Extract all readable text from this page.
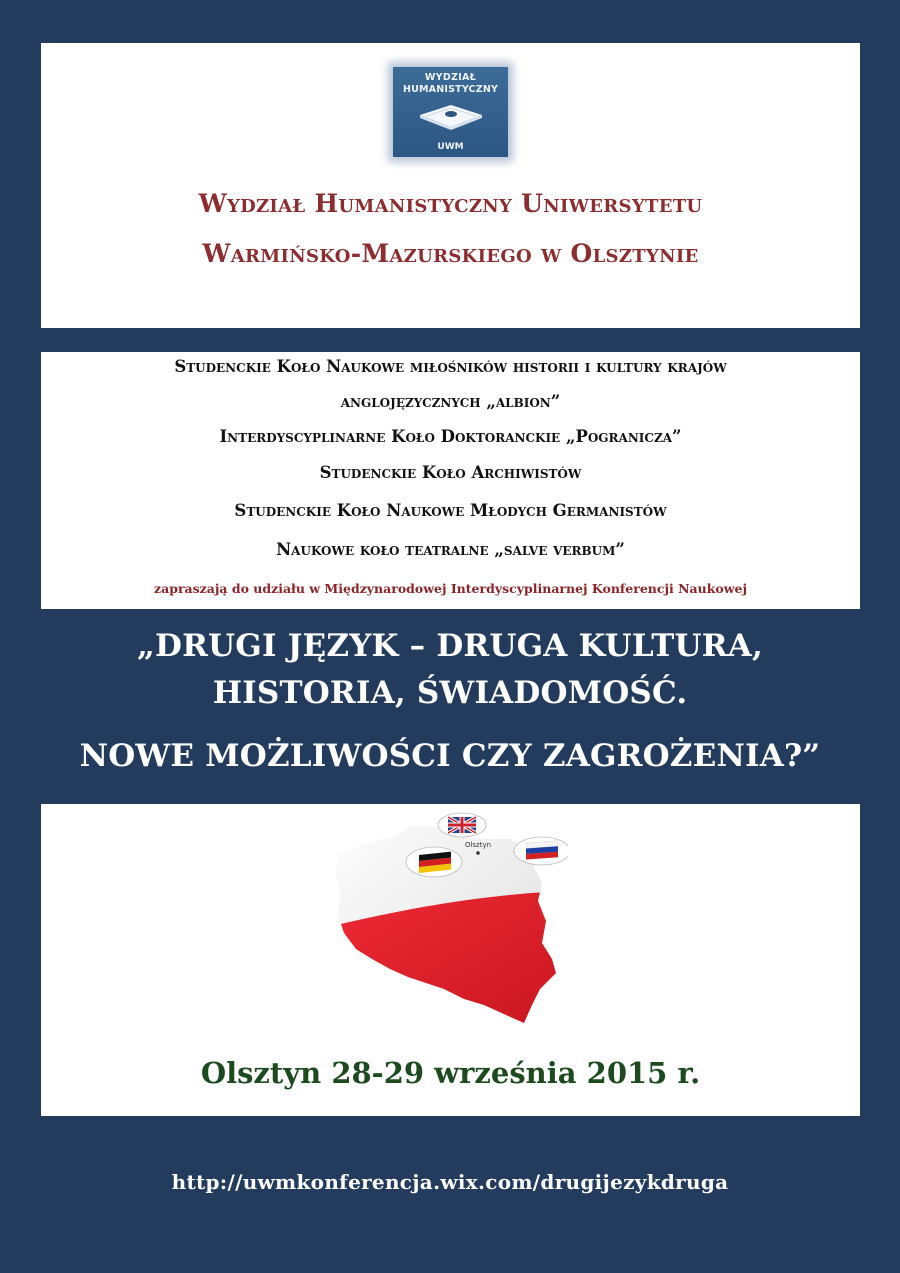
WYDZIAŁ
HUMANISTYCZNY
UWM
Wydział Humanistyczny Uniwersytetu
Warmińsko-Mazurskiego w Olsztynie
Studenckie Koło Naukowe miłośników historii i kultury krajów
anglojęzycznych „albion”
Interdyscyplinarne Koło Doktoranckie „Pogranicza”
Studenckie Koło Archiwistów
Studenckie Koło Naukowe Młodych Germanistów
Naukowe koło teatralne „salve verbum”
zapraszają do udziału w Międzynarodowej Interdyscyplinarnej Konferencji Naukowej
„DRUGI JĘZYK – DRUGA KULTURA,
HISTORIA, ŚWIADOMOŚĆ.
NOWE MOŻLIWOŚCI CZY ZAGROŻENIA?”
Olsztyn
Olsztyn 28-29 września 2015 r.
http://uwmkonferencja.wix.com/drugijezykdruga
